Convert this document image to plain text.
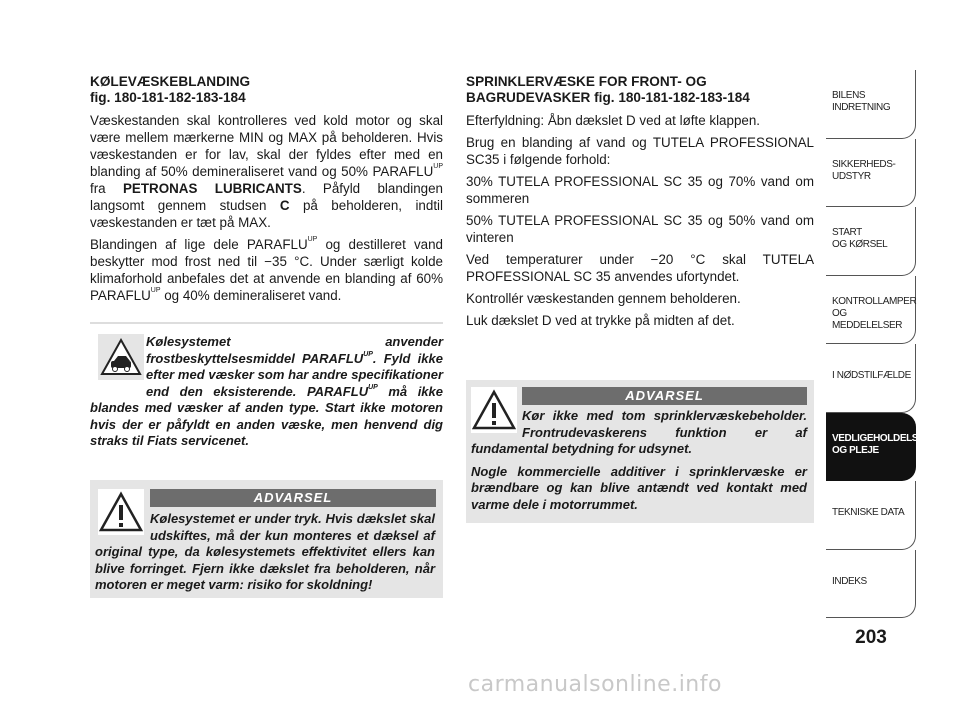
KØLEVÆSKEBLANDING
fig. 180-181-182-183-184

Væskestanden skal kontrolleres ved kold motor og skal være mellem mærkerne MIN og MAX på beholderen. Hvis væskestanden er for lav, skal der fyldes efter med en blanding af 50% demineraliseret vand og 50% $PARAFLU^{UP}$ fra PETRONAS LUBRICANTS. Påfyld blandingen langsomt gennem studsen C på beholderen, indtil væskestanden er tæt på MAX.

Blandingen af lige dele $PARAFLU^{UP}$ og destilleret vand beskytter mod frost ned til −35 °C. Under særligt kolde klimaforhold anbefales det at anvende en blanding af 60% $PARAFLU^{UP}$ og 40% demineraliseret vand.

Kølesystemet anvender frostbeskyttelsesmiddel $PARAFLU^{UP}$. Fyld ikke efter med væsker som har andre specifikationer end den eksisterende. $PARAFLU^{UP}$ må ikke blandes med væsker af anden type. Start ikke motoren hvis der er påfyldt en anden væske, men henvend dig straks til Fiats servicenet.
ADVARSEL
Kølesystemet er under tryk. Hvis dækslet skal udskiftes, må der kun monteres et dæksel af original type, da kølesystemets effektivitet ellers kan blive forringet. Fjern ikke dækslet fra beholderen, når motoren er meget varm: risiko for skoldning!
SPRINKLERVÆSKE FOR FRONT- OG BAGRUDEVASKER fig. 180-181-182-183-184

Efterfyldning: Åbn dækslet D ved at løfte klappen.

Brug en blanding af vand og TUTELA PROFESSIONAL SC35 i følgende forhold:

30% TUTELA PROFESSIONAL SC 35 og 70% vand om sommeren

50% TUTELA PROFESSIONAL SC 35 og 50% vand om vinteren

Ved temperaturer under −20 °C skal TUTELA PROFESSIONAL SC 35 anvendes ufortyndet.

Kontrollér væskestanden gennem beholderen.

Luk dækslet D ved at trykke på midten af det.

ADVARSEL
Kør ikke med tom sprinklervæskebeholder. Frontrudevaskerens funktion er af fundamental betydning for udsynet.
Nogle kommercielle additiver i sprinklervæske er brændbare og kan blive antændt ved kontakt med varme dele i motorrummet.
BILENS
INDRETNING
SIKKERHEDS-
UDSTYR
START
OG KØRSEL
KONTROLLAMPER
OG MEDDELELSER
I NØDSTILFÆLDE
VEDLIGEHOLDELSE
OG PLEJE
TEKNISKE DATA
INDEKS
203
carmanualsonline.info
